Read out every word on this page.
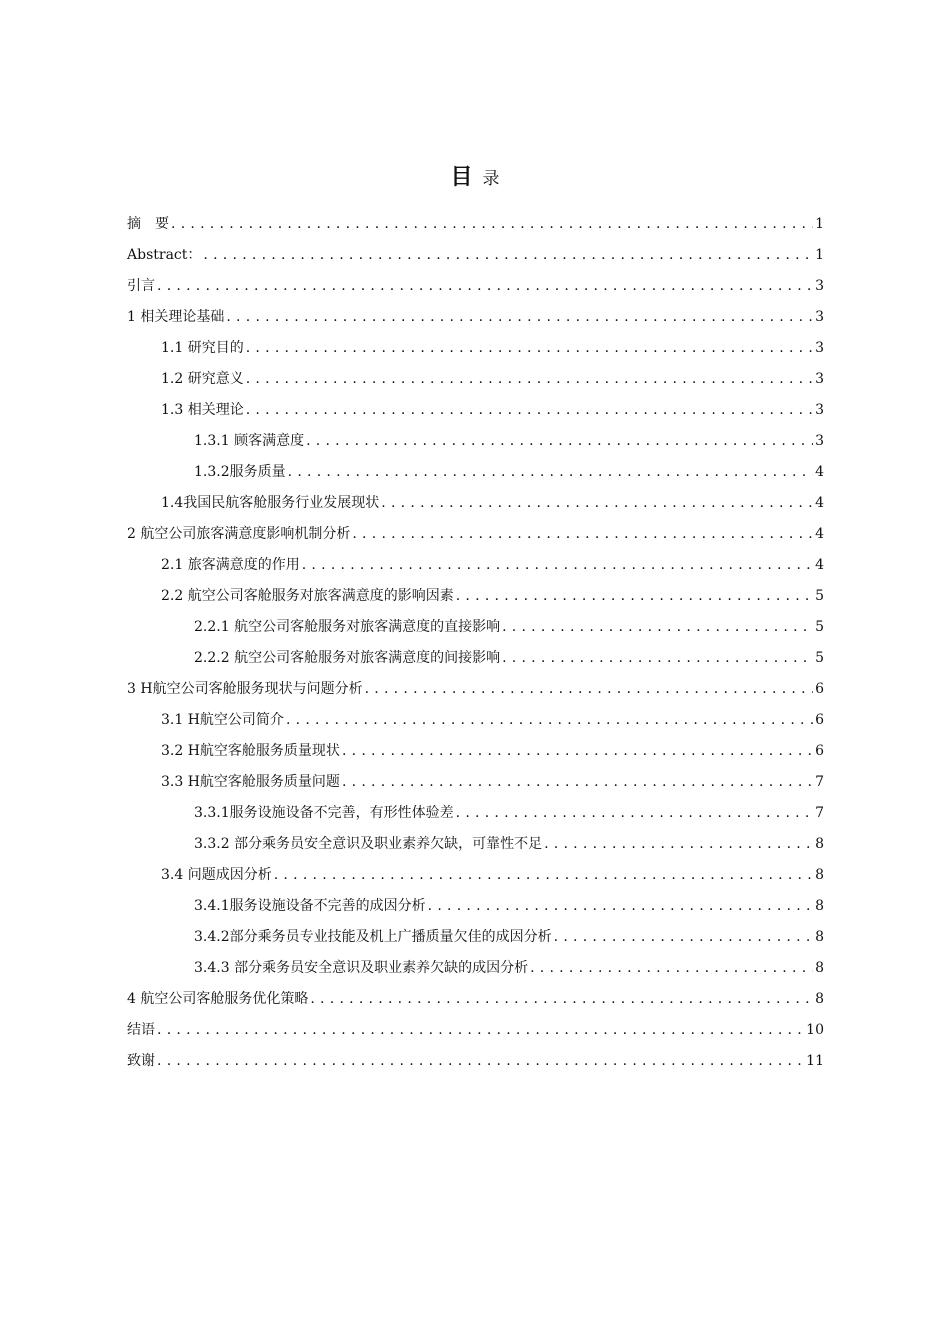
目 录
摘　要 . . .	1
Abstract： . . .	1
引言 . . .	3
1 相关理论基础 . . .	3
1.1 研究目的 . . .	3
1.2 研究意义 . . .	3
1.3 相关理论 . . .	3
1.3.1 顾客满意度 . . .	3
1.3.2服务质量 . . .	4
1.4我国民航客舱服务行业发展现状 . . .	4
2 航空公司旅客满意度影响机制分析 . . .	4
2.1 旅客满意度的作用 . . .	4
2.2 航空公司客舱服务对旅客满意度的影响因素 . . .	5
2.2.1 航空公司客舱服务对旅客满意度的直接影响 . . .	5
2.2.2 航空公司客舱服务对旅客满意度的间接影响 . . .	5
3 H航空公司客舱服务现状与问题分析 . . .	6
3.1 H航空公司简介 . . .	6
3.2 H航空客舱服务质量现状 . . .	6
3.3 H航空客舱服务质量问题 . . .	7
3.3.1服务设施设备不完善，有形性体验差 . . .	7
3.3.2 部分乘务员安全意识及职业素养欠缺，可靠性不足 . . .	8
3.4 问题成因分析 . . .	8
3.4.1服务设施设备不完善的成因分析 . . .	8
3.4.2部分乘务员专业技能及机上广播质量欠佳的成因分析 . . .	8
3.4.3 部分乘务员安全意识及职业素养欠缺的成因分析 . . .	8
4 航空公司客舱服务优化策略 . . .	8
结语 . . .	10
致谢 . . .	11
